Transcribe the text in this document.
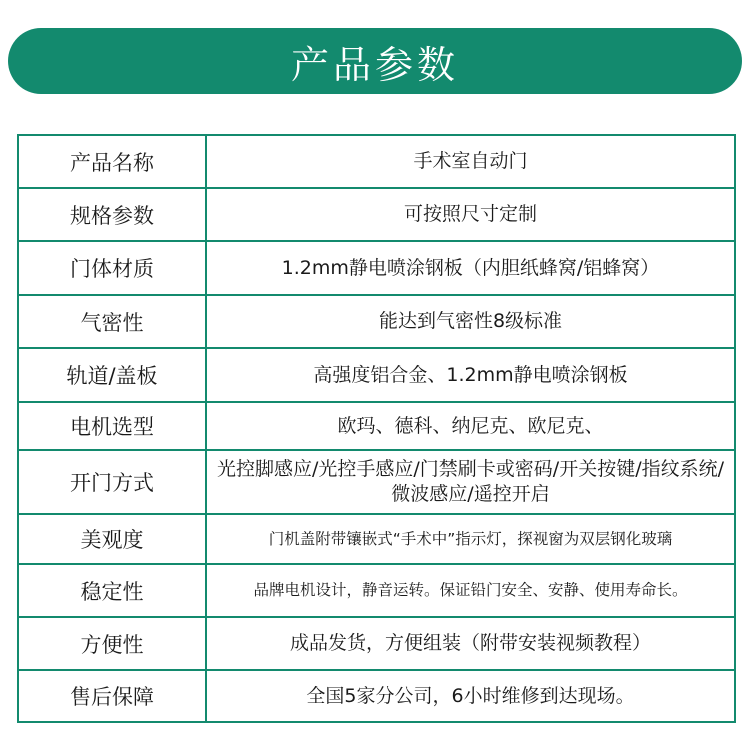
产品参数
产品名称	手术室自动门
规格参数	可按照尺寸定制
门体材质	1.2mm静电喷涂钢板（内胆纸蜂窝/铝蜂窝）
气密性	能达到气密性8级标准
轨道/盖板	高强度铝合金、1.2mm静电喷涂钢板
电机选型	欧玛、德科、纳尼克、欧尼克、
开门方式	光控脚感应/光控手感应/门禁刷卡或密码/开关按键/指纹系统/微波感应/遥控开启
美观度	门机盖附带镶嵌式“手术中”指示灯，探视窗为双层钢化玻璃
稳定性	品牌电机设计，静音运转。保证铅门安全、安静、使用寿命长。
方便性	成品发货，方便组装（附带安装视频教程）
售后保障	全国5家分公司，6小时维修到达现场。
